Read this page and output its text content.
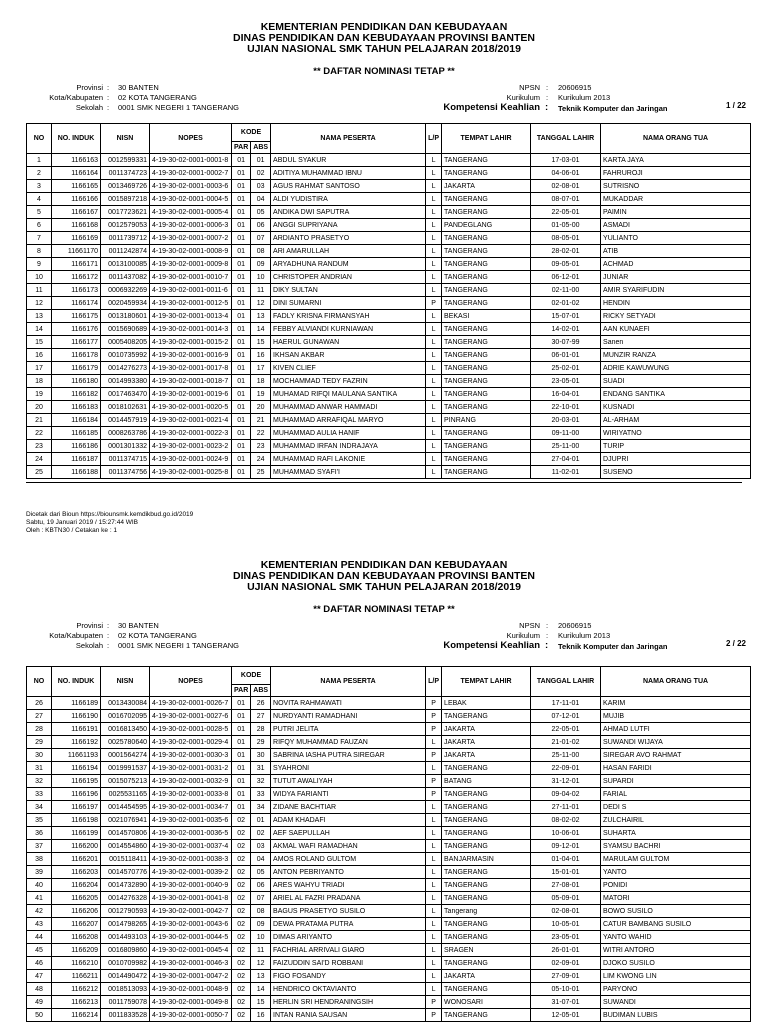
KEMENTERIAN PENDIDIKAN DAN KEBUDAYAAN
DINAS PENDIDIKAN DAN KEBUDAYAAN PROVINSI BANTEN
UJIAN NASIONAL SMK TAHUN PELAJARAN 2018/2019
** DAFTAR NOMINASI TETAP **
Provinsi : 30 BANTEN
Kota/Kabupaten : 02 KOTA TANGERANG
Sekolah : 0001 SMK NEGERI 1 TANGERANG
NPSN : 20606915
Kurikulum : Kurikulum 2013
Kompetensi Keahlian : Teknik Komputer dan Jaringan	1 / 22
NO	NO. INDUK	NISN	NOPES	KODE		NAMA PESERTA	L/P	TEMPAT LAHIR	TANGGAL LAHIR	NAMA ORANG TUA
				PAR	ABS					
1	1166163	0012599331	4-19-30-02-0001-0001-8	01	01	ABDUL SYAKUR	L	TANGERANG	17-03-01	KARTA JAYA
2	1166164	0011374723	4-19-30-02-0001-0002-7	01	02	ADITIYA MUHAMMAD IBNU	L	TANGERANG	04-06-01	FAHRUROJI
3	1166165	0013469726	4-19-30-02-0001-0003-6	01	03	AGUS RAHMAT SANTOSO	L	JAKARTA	02-08-01	SUTRISNO
4	1166166	0015897218	4-19-30-02-0001-0004-5	01	04	ALDI YUDISTIRA	L	TANGERANG	08-07-01	MUKADDAR
5	1166167	0017723621	4-19-30-02-0001-0005-4	01	05	ANDIKA DWI SAPUTRA	L	TANGERANG	22-05-01	PAIMIN
6	1166168	0012579053	4-19-30-02-0001-0006-3	01	06	ANGGI SUPRIYANA	L	PANDEGLANG	01-05-00	ASMADI
7	1166169	0011739712	4-19-30-02-0001-0007-2	01	07	ARDIANTO PRASETYO	L	TANGERANG	08-05-01	YULIANTO
8	11661170	0011242874	4-19-30-02-0001-0008-9	01	08	ARI AMARULLAH	L	TANGERANG	28-02-01	ATIB
9	1166171	0013100085	4-19-30-02-0001-0009-8	01	09	ARYADHUNA RANDUM	L	TANGERANG	09-05-01	ACHMAD
10	1166172	0011437082	4-19-30-02-0001-0010-7	01	10	CHRISTOPER ANDRIAN	L	TANGERANG	06-12-01	JUNIAR
11	1166173	0006932269	4-19-30-02-0001-0011-6	01	11	DIKY SULTAN	L	TANGERANG	02-11-00	AMIR SYARIFUDIN
12	1166174	0020459934	4-19-30-02-0001-0012-5	01	12	DINI SUMARNI	P	TANGERANG	02-01-02	HENDIN
13	1166175	0013180601	4-19-30-02-0001-0013-4	01	13	FADLY KRISNA FIRMANSYAH	L	BEKASI	15-07-01	RICKY SETYADI
14	1166176	0015690689	4-19-30-02-0001-0014-3	01	14	FEBBY ALVIANDI KURNIAWAN	L	TANGERANG	14-02-01	AAN KUNAEFI
15	1166177	0005408205	4-19-30-02-0001-0015-2	01	15	HAERUL GUNAWAN	L	TANGERANG	30-07-99	Sanen
16	1166178	0010735992	4-19-30-02-0001-0016-9	01	16	IKHSAN AKBAR	L	TANGERANG	06-01-01	MUNZIR RANZA
17	1166179	0014276273	4-19-30-02-0001-0017-8	01	17	KIVEN CLIEF	L	TANGERANG	25-02-01	ADRIE KAWUWUNG
18	1166180	0014993380	4-19-30-02-0001-0018-7	01	18	MOCHAMMAD TEDY FAZRIN	L	TANGERANG	23-05-01	SUADI
19	1166182	0017463470	4-19-30-02-0001-0019-6	01	19	MUHAMAD RIFQI MAULANA SANTIKA	L	TANGERANG	16-04-01	ENDANG SANTIKA
20	1166183	0018102631	4-19-30-02-0001-0020-5	01	20	MUHAMMAD ANWAR HAMMADI	L	TANGERANG	22-10-01	KUSNADI
21	1166184	0014457919	4-19-30-02-0001-0021-4	01	21	MUHAMMAD ARRAFIQAL MARYO	L	PINRANG	20-03-01	AL-ARHAM
22	1166185	0008263786	4-19-30-02-0001-0022-3	01	22	MUHAMMAD AULIA HANIF	L	TANGERANG	09-11-00	WIRIYATNO
23	1166186	0001301332	4-19-30-02-0001-0023-2	01	23	MUHAMMAD IRFAN INDRAJAYA	L	TANGERANG	25-11-00	TURIP
24	1166187	0011374715	4-19-30-02-0001-0024-9	01	24	MUHAMMAD RAFI LAKONIE	L	TANGERANG	27-04-01	DJUPRI
25	1166188	0011374756	4-19-30-02-0001-0025-8	01	25	MUHAMMAD SYAFI'I	L	TANGERANG	11-02-01	SUSENO
Dicetak dari Bioun https://biounsmk.kemdikbud.go.id/2019
Sabtu, 19 Januari 2019 / 15:27:44 WIB
Oleh : KBTN30 / Cetakan ke : 1
KEMENTERIAN PENDIDIKAN DAN KEBUDAYAAN
DINAS PENDIDIKAN DAN KEBUDAYAAN PROVINSI BANTEN
UJIAN NASIONAL SMK TAHUN PELAJARAN 2018/2019
** DAFTAR NOMINASI TETAP **
Provinsi : 30 BANTEN
Kota/Kabupaten : 02 KOTA TANGERANG
Sekolah : 0001 SMK NEGERI 1 TANGERANG
NPSN : 20606915
Kurikulum : Kurikulum 2013
Kompetensi Keahlian : Teknik Komputer dan Jaringan	2 / 22
NO	NO. INDUK	NISN	NOPES	KODE		NAMA PESERTA	L/P	TEMPAT LAHIR	TANGGAL LAHIR	NAMA ORANG TUA
				PAR	ABS					
26	1166189	0013430084	4-19-30-02-0001-0026-7	01	26	NOVITA RAHMAWATI	P	LEBAK	17-11-01	KARIM
27	1166190	0016702095	4-19-30-02-0001-0027-6	01	27	NURDYANTI RAMADHANI	P	TANGERANG	07-12-01	MUJIB
28	1166191	0016813450	4-19-30-02-0001-0028-5	01	28	PUTRI JELITA	P	JAKARTA	22-05-01	AHMAD LUTFI
29	1166192	0025780640	4-19-30-02-0001-0029-4	01	29	RIFQY MUHAMMAD FAUZAN	L	JAKARTA	21-01-02	SUWANDI WIJAYA
30	11661193	0001564274	4-19-30-02-0001-0030-3	01	30	SABRINA IASHA PUTRA SIREGAR	P	JAKARTA	25-11-00	SIREGAR AVO RAHMAT
31	1166194	0019991537	4-19-30-02-0001-0031-2	01	31	SYAHRONI	L	TANGERANG	22-09-01	HASAN FARIDI
32	1166195	0015075213	4-19-30-02-0001-0032-9	01	32	TUTUT AWALIYAH	P	BATANG	31-12-01	SUPARDI
33	1166196	0025531165	4-19-30-02-0001-0033-8	01	33	WIDYA FARIANTI	P	TANGERANG	09-04-02	FARIAL
34	1166197	0014454595	4-19-30-02-0001-0034-7	01	34	ZIDANE BACHTIAR	L	TANGERANG	27-11-01	DEDI S
35	1166198	0021076941	4-19-30-02-0001-0035-6	02	01	ADAM KHADAFI	L	TANGERANG	08-02-02	ZULCHAIRIL
36	1166199	0014570806	4-19-30-02-0001-0036-5	02	02	AEF SAEPULLAH	L	TANGERANG	10-06-01	SUHARTA
37	1166200	0014554860	4-19-30-02-0001-0037-4	02	03	AKMAL WAFI RAMADHAN	L	TANGERANG	09-12-01	SYAMSU BACHRI
38	1166201	0015118411	4-19-30-02-0001-0038-3	02	04	AMOS ROLAND GULTOM	L	BANJARMASIN	01-04-01	MARULAM GULTOM
39	1166203	0014570776	4-19-30-02-0001-0039-2	02	05	ANTON PEBRIYANTO	L	TANGERANG	15-01-01	YANTO
40	1166204	0014732890	4-19-30-02-0001-0040-9	02	06	ARES WAHYU TRIADI	L	TANGERANG	27-08-01	PONIDI
41	1166205	0014276328	4-19-30-02-0001-0041-8	02	07	ARIEL AL FAZRI PRADANA	L	TANGERANG	05-09-01	MATORI
42	1166206	0012790593	4-19-30-02-0001-0042-7	02	08	BAGUS PRASETYO SUSILO	L	Tangerang	02-08-01	BOWO SUSILO
43	1166207	0014798265	4-19-30-02-0001-0043-6	02	09	DEWA PRATAMA PUTRA	L	TANGERANG	10-05-01	CATUR BAMBANG SUSILO
44	1166208	0014493103	4-19-30-02-0001-0044-5	02	10	DIMAS ARIYANTO	L	TANGERANG	23-05-01	YANTO WAHID
45	1166209	0016809860	4-19-30-02-0001-0045-4	02	11	FACHRIAL ARRIVALI GIARO	L	SRAGEN	26-01-01	WITRI ANTORO
46	1166210	0010709982	4-19-30-02-0001-0046-3	02	12	FAIZUDDIN SAI'D ROBBANI	L	TANGERANG	02-09-01	DJOKO SUSILO
47	1166211	0014490472	4-19-30-02-0001-0047-2	02	13	FIGO FOSANDY	L	JAKARTA	27-09-01	LIM KWONG LIN
48	1166212	0018513093	4-19-30-02-0001-0048-9	02	14	HENDRICO OKTAVIANTO	L	TANGERANG	05-10-01	PARYONO
49	1166213	0011759078	4-19-30-02-0001-0049-8	02	15	HERLIN SRI HENDRANINGSIH	P	WONOSARI	31-07-01	SUWANDI
50	1166214	0011833528	4-19-30-02-0001-0050-7	02	16	INTAN RANIA SAUSAN	P	TANGERANG	12-05-01	BUDIMAN LUBIS
